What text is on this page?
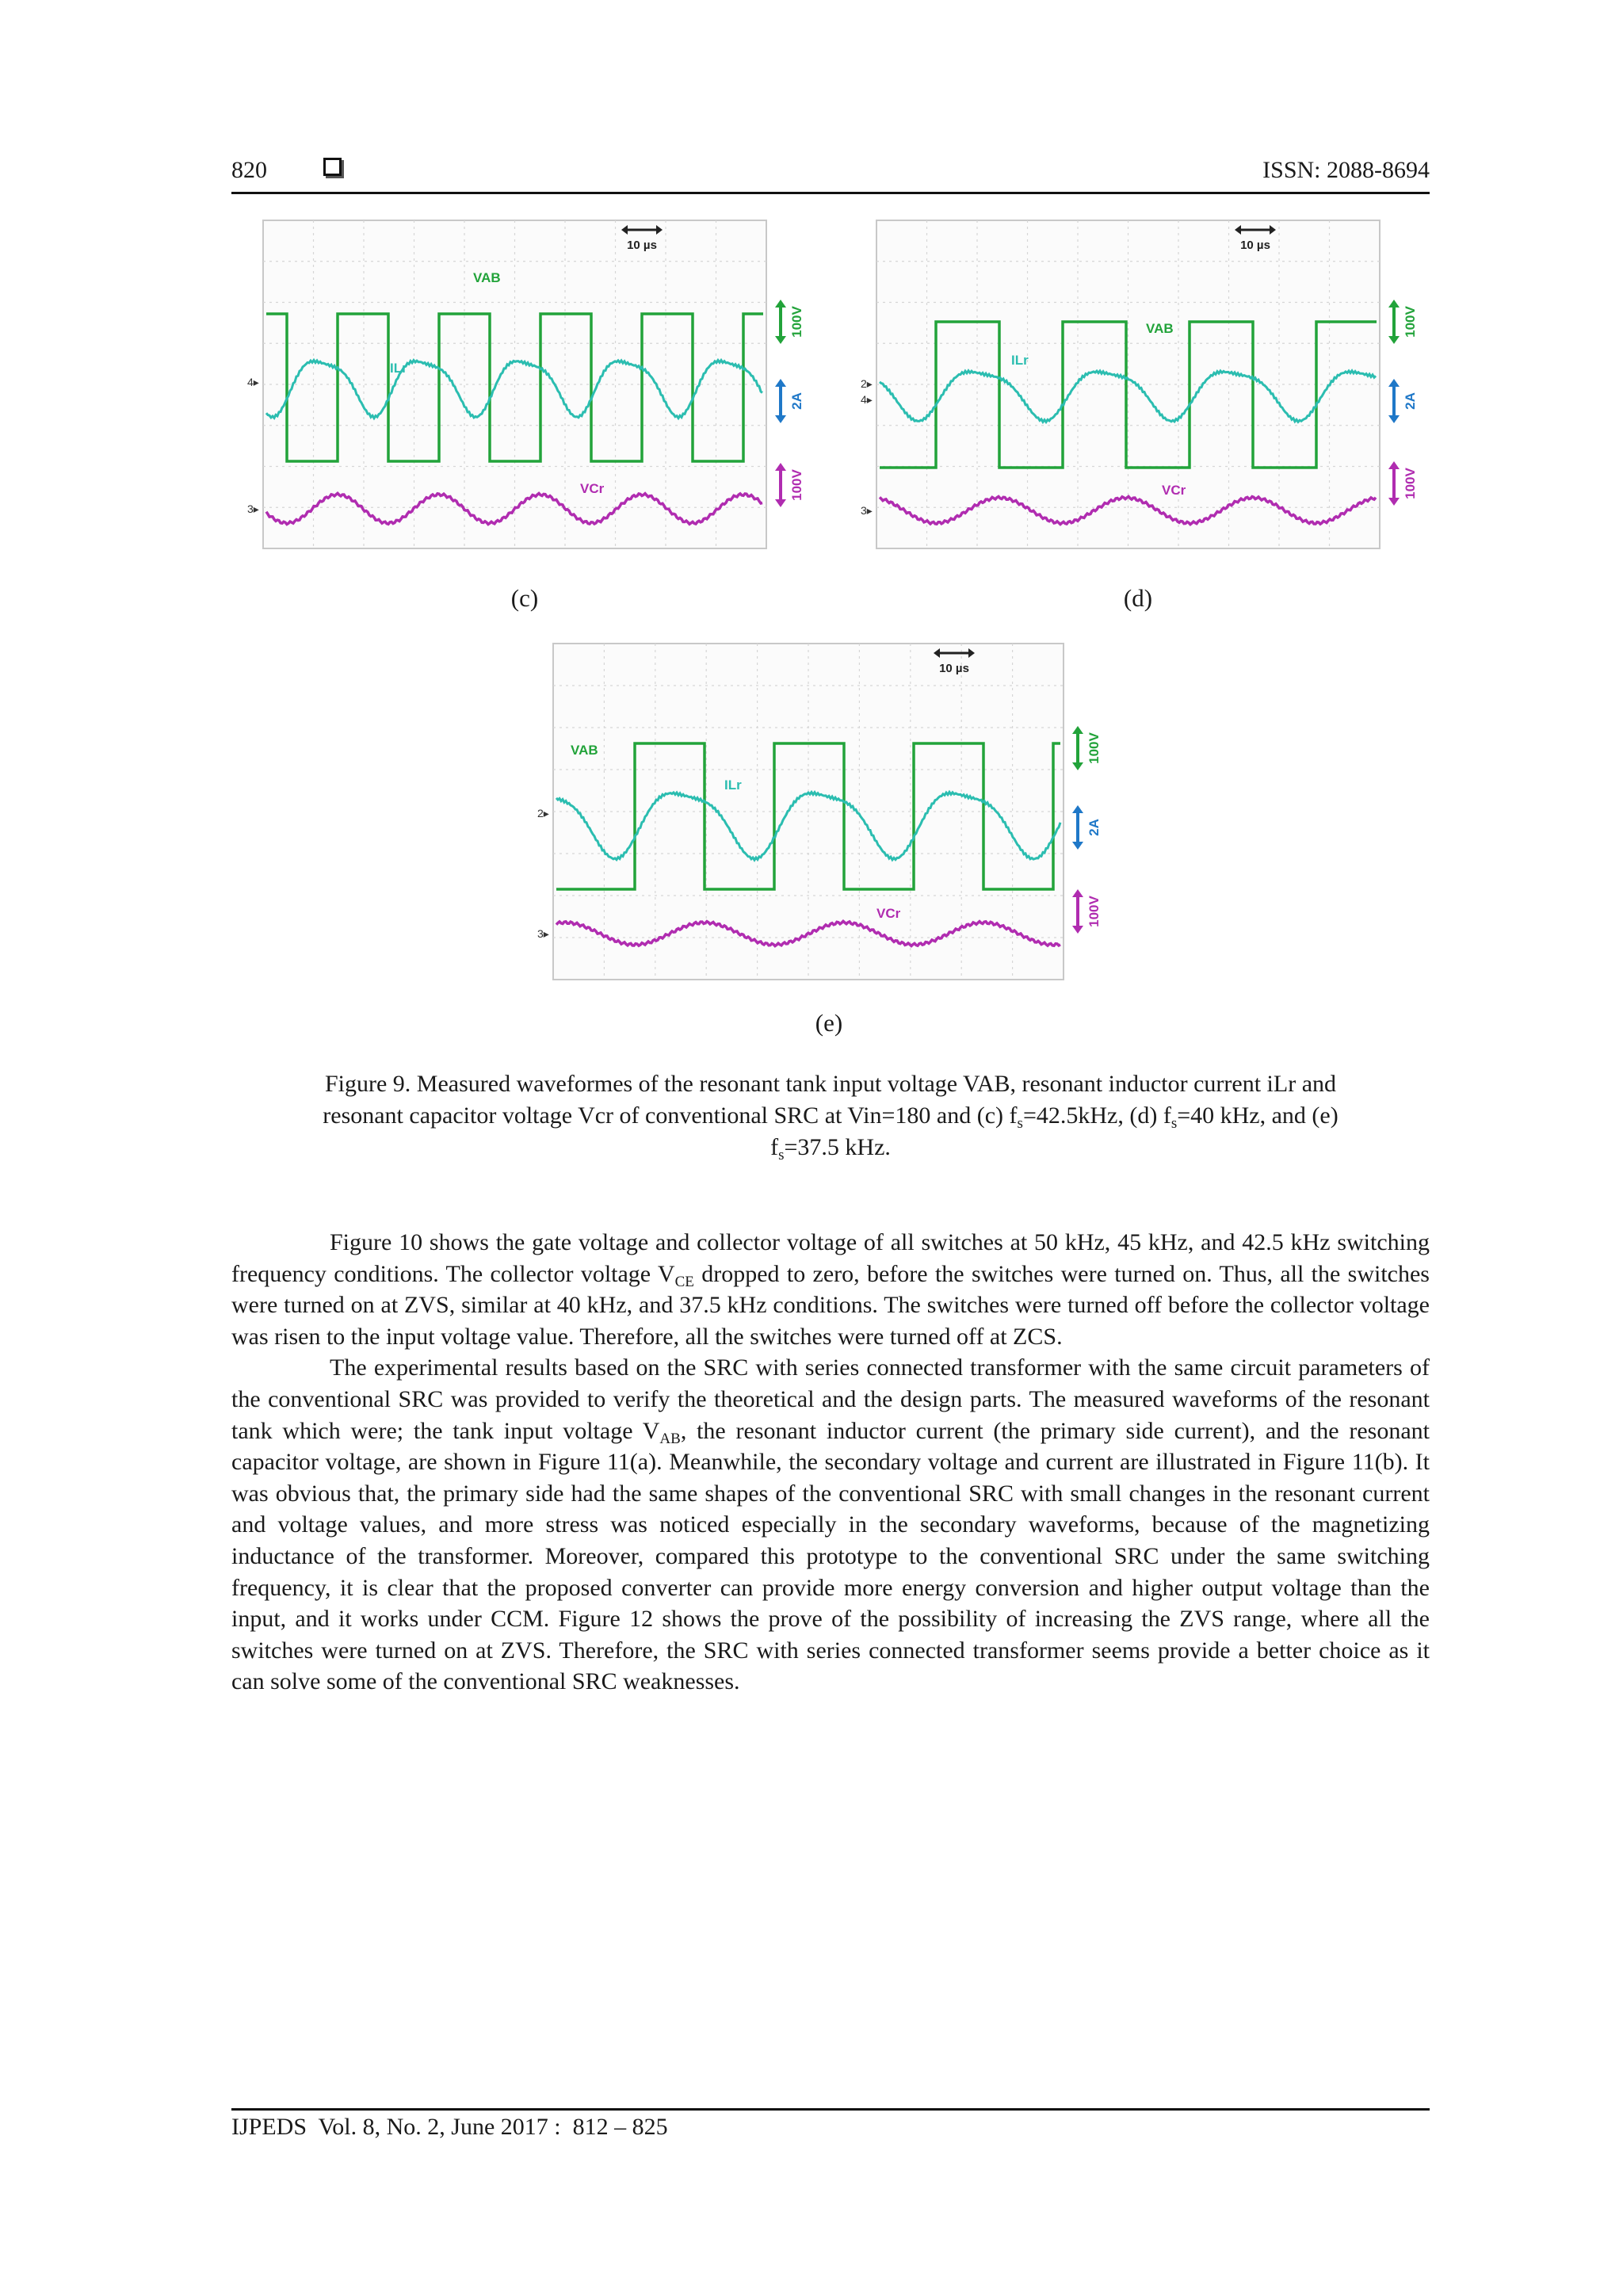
820	ISSN: 2088-8694
10 µs
VAB
ILr
VCr
100V
2A
100V
4▸
3▸
(c)
10 µs
VAB
ILr
VCr
100V
2A
100V
2▸
4▸
3▸
(d)
10 µs
VAB
ILr
VCr
100V
2A
100V
2▸
3▸
(e)
Figure 9. Measured waveformes of the resonant tank input voltage VAB, resonant inductor current iLr and
resonant capacitor voltage Vcr of conventional SRC at Vin=180 and (c) $f_s=42.5kHz$, (d) $f_s=40$ kHz, and (e)
$f_s=37.5$ kHz.

Figure 10 shows the gate voltage and collector voltage of all switches at 50 kHz, 45 kHz, and 42.5 kHz switching frequency conditions. The collector voltage $V_{CE}$ dropped to zero, before the switches were turned on. Thus, all the switches were turned on at ZVS, similar at 40 kHz, and 37.5 kHz conditions. The switches were turned off before the collector voltage was risen to the input voltage value. Therefore, all the switches were turned off at ZCS.

The experimental results based on the SRC with series connected transformer with the same circuit parameters of the conventional SRC was provided to verify the theoretical and the design parts. The measured waveforms of the resonant tank which were; the tank input voltage $V_{AB}$, the resonant inductor current (the primary side current), and the resonant capacitor voltage, are shown in Figure 11(a). Meanwhile, the secondary voltage and current are illustrated in Figure 11(b). It was obvious that, the primary side had the same shapes of the conventional SRC with small changes in the resonant current and voltage values, and more stress was noticed especially in the secondary waveforms, because of the magnetizing inductance of the transformer. Moreover, compared this prototype to the conventional SRC under the same switching frequency, it is clear that the proposed converter can provide more energy conversion and higher output voltage than the input, and it works under CCM. Figure 12 shows the prove of the possibility of increasing the ZVS range, where all the switches were turned on at ZVS. Therefore, the SRC with series connected transformer seems provide a better choice as it can solve some of the conventional SRC weaknesses.

IJPEDS  Vol. 8, No. 2, June 2017 :  812 – 825
